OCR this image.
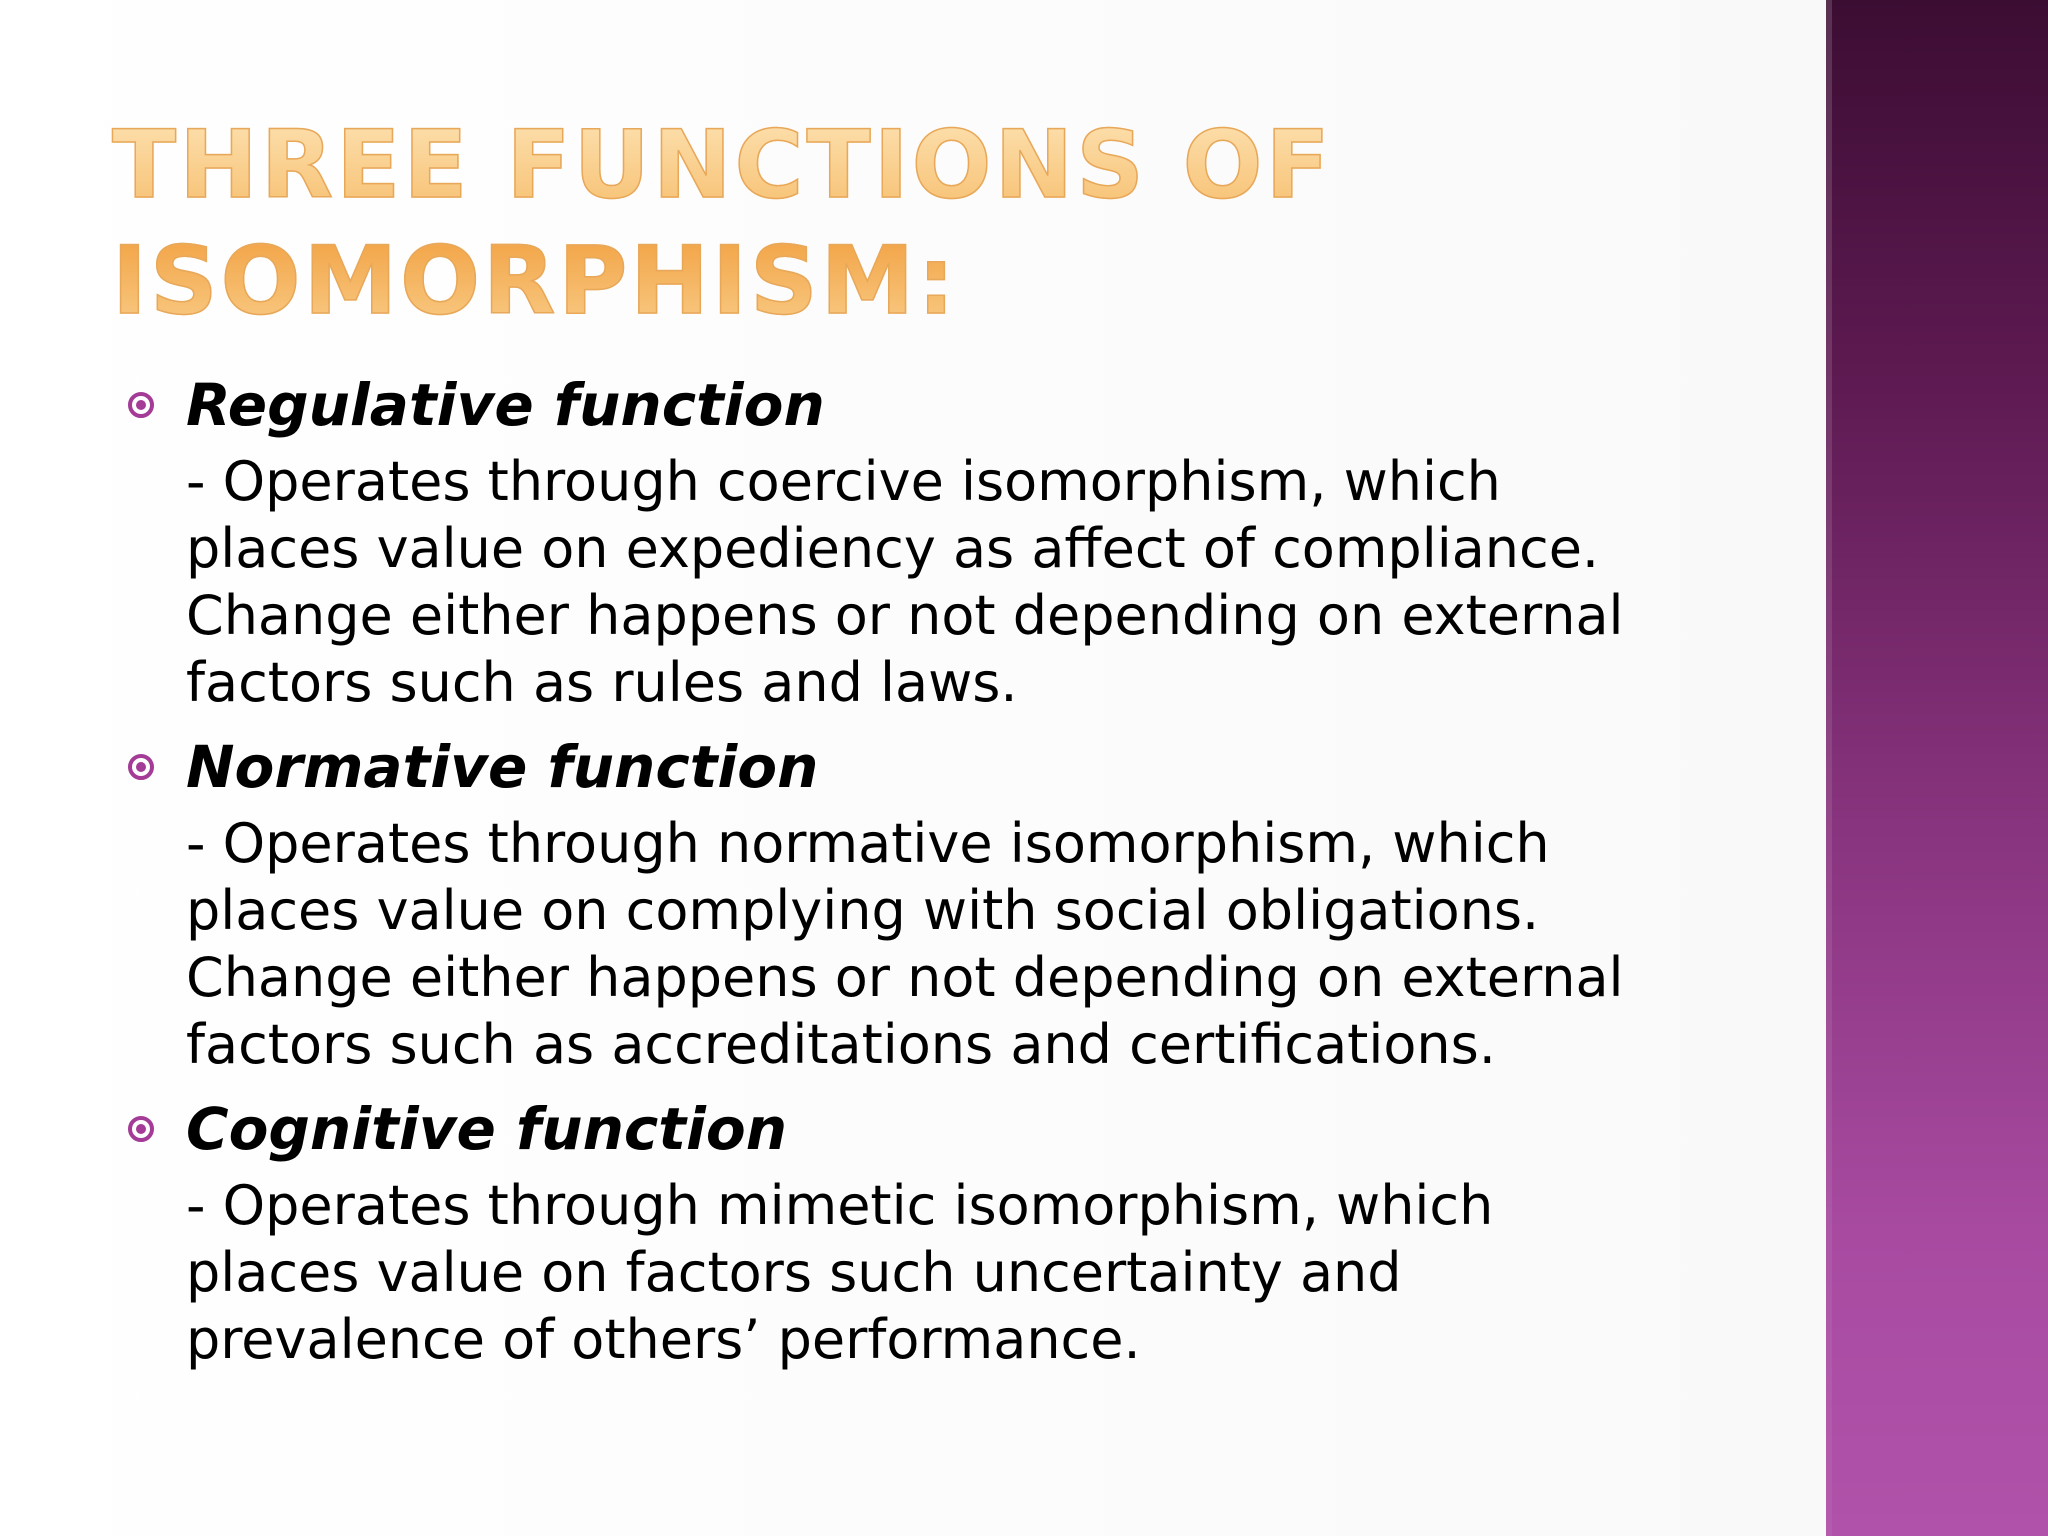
THREE FUNCTIONS OF
ISOMORPHISM:

Regulative function

- Operates through coercive isomorphism, which
places value on expediency as affect of compliance.
Change either happens or not depending on external
factors such as rules and laws.

Normative function

- Operates through normative isomorphism, which
places value on complying with social obligations.
Change either happens or not depending on external
factors such as accreditations and certifications.

Cognitive function

- Operates through mimetic isomorphism, which
places value on factors such uncertainty and
prevalence of others’ performance.
